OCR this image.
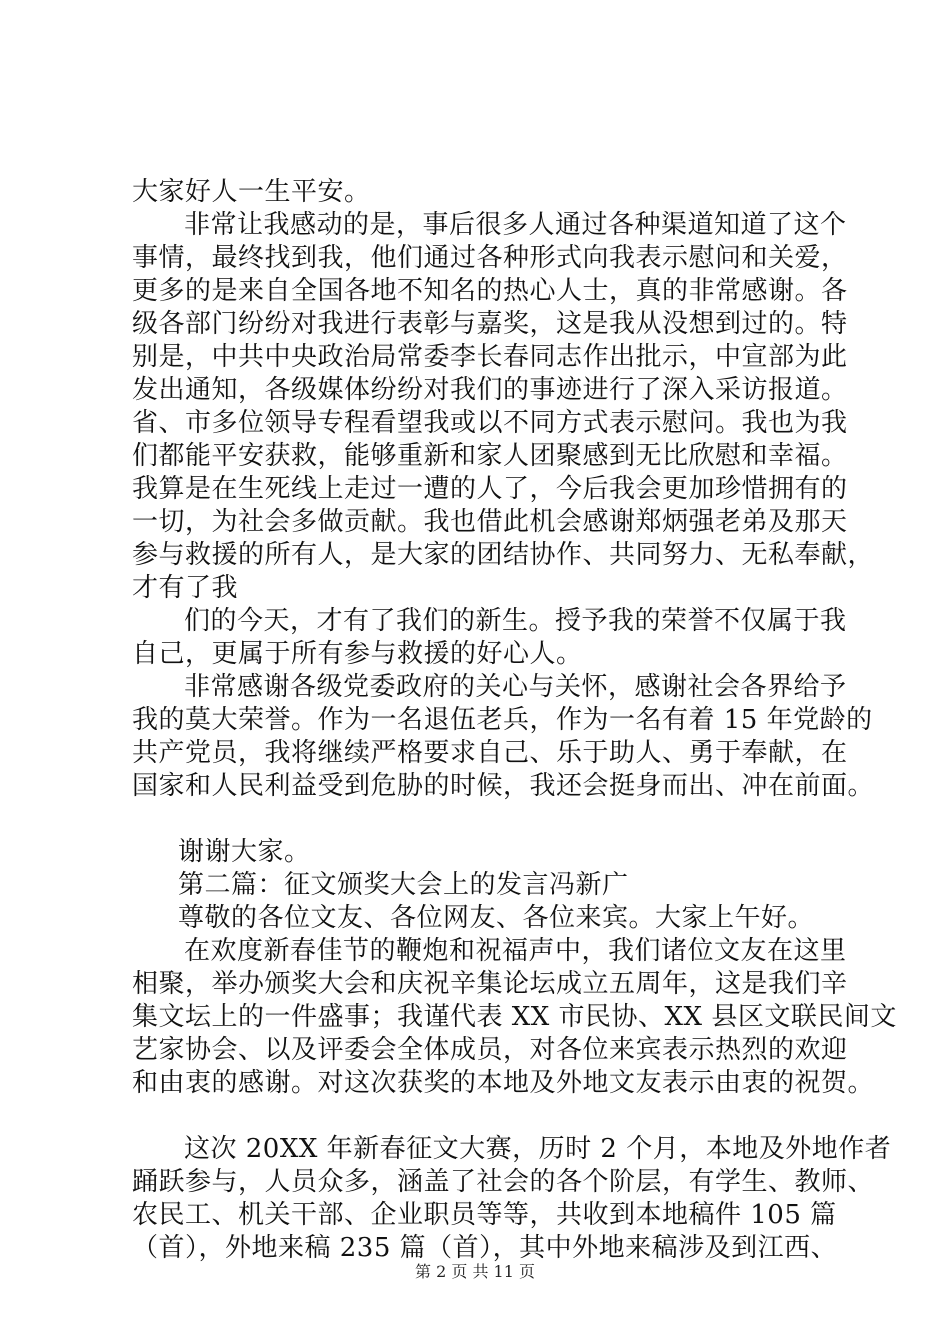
大家好人一生平安。
非常让我感动的是，事后很多人通过各种渠道知道了这个
事情，最终找到我，他们通过各种形式向我表示慰问和关爱，
更多的是来自全国各地不知名的热心人士，真的非常感谢。各
级各部门纷纷对我进行表彰与嘉奖，这是我从没想到过的。特
别是，中共中央政治局常委李长春同志作出批示，中宣部为此
发出通知，各级媒体纷纷对我们的事迹进行了深入采访报道。
省、市多位领导专程看望我或以不同方式表示慰问。我也为我
们都能平安获救，能够重新和家人团聚感到无比欣慰和幸福。
我算是在生死线上走过一遭的人了，今后我会更加珍惜拥有的
一切，为社会多做贡献。我也借此机会感谢郑炳强老弟及那天
参与救援的所有人，是大家的团结协作、共同努力、无私奉献，
才有了我
们的今天，才有了我们的新生。授予我的荣誉不仅属于我
自己，更属于所有参与救援的好心人。
非常感谢各级党委政府的关心与关怀，感谢社会各界给予
我的莫大荣誉。作为一名退伍老兵，作为一名有着 15 年党龄的
共产党员，我将继续严格要求自己、乐于助人、勇于奉献，在
国家和人民利益受到危胁的时候，我还会挺身而出、冲在前面。
谢谢大家。
第二篇：征文颁奖大会上的发言冯新广
尊敬的各位文友、各位网友、各位来宾。大家上午好。
在欢度新春佳节的鞭炮和祝福声中，我们诸位文友在这里
相聚，举办颁奖大会和庆祝辛集论坛成立五周年，这是我们辛
集文坛上的一件盛事；我谨代表 XX 市民协、XX 县区文联民间文
艺家协会、以及评委会全体成员，对各位来宾表示热烈的欢迎
和由衷的感谢。对这次获奖的本地及外地文友表示由衷的祝贺。
这次 20XX 年新春征文大赛，历时 2 个月，本地及外地作者
踊跃参与，人员众多，涵盖了社会的各个阶层，有学生、教师、
农民工、机关干部、企业职员等等，共收到本地稿件 105 篇
（首），外地来稿 235 篇（首），其中外地来稿涉及到江西、
第 2 页 共 11 页
